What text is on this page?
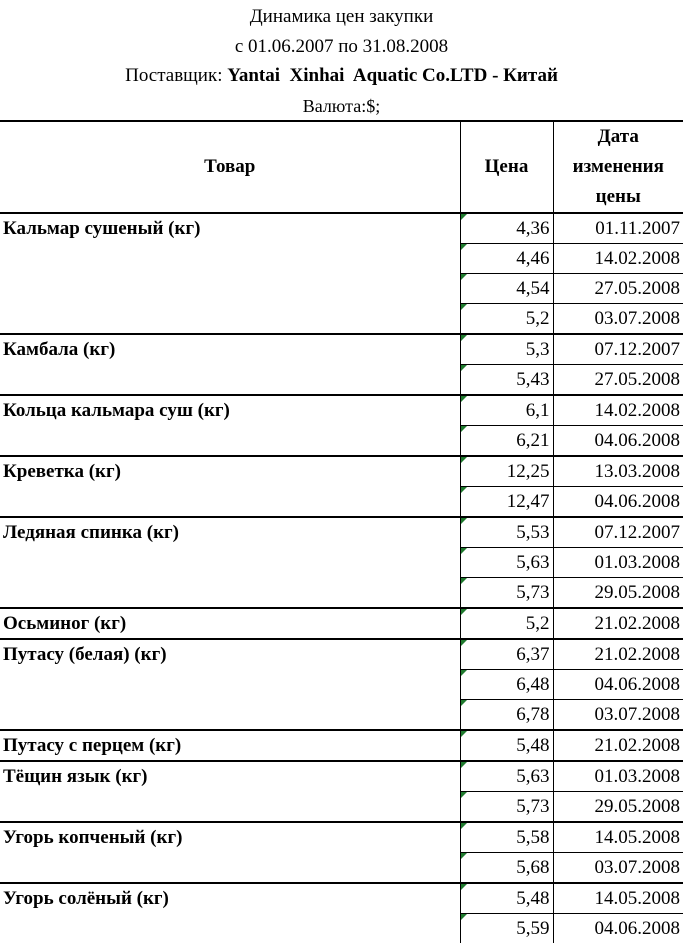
Динамика цен закупки
с 01.06.2007 по 31.08.2008
Поставщик: Yantai  Xinhai  Aquatic Co.LTD - Китай
Валюта:$;
Товар	Цена	Дата
изменения
цены

Кальмар сушеный (кг)	4,36	01.11.2007
	4,46	14.02.2008
	4,54	27.05.2008
	5,2	03.07.2008
Камбала (кг)	5,3	07.12.2007
	5,43	27.05.2008
Кольца кальмара суш (кг)	6,1	14.02.2008
	6,21	04.06.2008
Креветка (кг)	12,25	13.03.2008
	12,47	04.06.2008
Ледяная спинка (кг)	5,53	07.12.2007
	5,63	01.03.2008
	5,73	29.05.2008
Осьминог (кг)	5,2	21.02.2008
Путасу (белая) (кг)	6,37	21.02.2008
	6,48	04.06.2008
	6,78	03.07.2008
Путасу с перцем (кг)	5,48	21.02.2008
Тёщин язык (кг)	5,63	01.03.2008
	5,73	29.05.2008
Угорь копченый (кг)	5,58	14.05.2008
	5,68	03.07.2008
Угорь солёный (кг)	5,48	14.05.2008
	5,59	04.06.2008
